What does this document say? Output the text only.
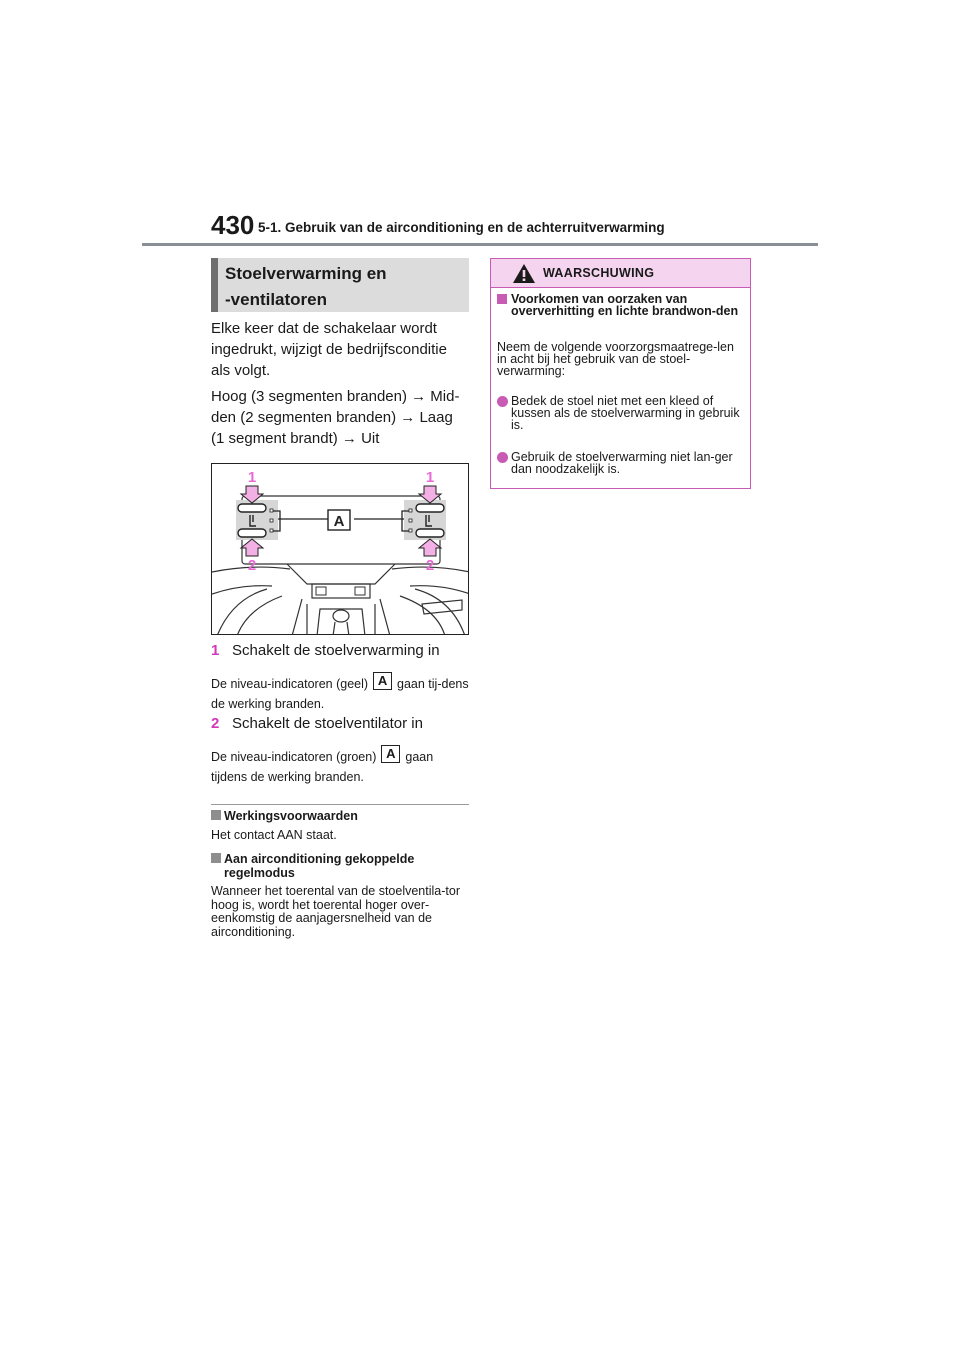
430 5-1. Gebruik van de airconditioning en de achterruitverwarming
Stoelverwarming en
-ventilatoren

Elke keer dat de schakelaar wordt ingedrukt, wijzigt de bedrijfsconditie als volgt.

Hoog (3 segmenten branden) → Mid-den (2 segmenten branden) → Laag (1 segment brandt) → Uit

A
1	1
2	2
1 Schakelt de stoelverwarming in
De niveau-indicatoren (geel) A gaan tij-dens de werking branden.
2 Schakelt de stoelventilator in
De niveau-indicatoren (groen) A gaan tijdens de werking branden.
Werkingsvoorwaarden
Het contact AAN staat.
Aan airconditioning gekoppelde regelmodus
Wanneer het toerental van de stoelventila-tor hoog is, wordt het toerental hoger over-eenkomstig de aanjagersnelheid van de airconditioning.
WAARSCHUWING
Voorkomen van oorzaken van oververhitting en lichte brandwon-den
Neem de volgende voorzorgsmaatrege-len in acht bij het gebruik van de stoel-verwarming:
Bedek de stoel niet met een kleed of kussen als de stoelverwarming in gebruik is.
Gebruik de stoelverwarming niet lan-ger dan noodzakelijk is.
